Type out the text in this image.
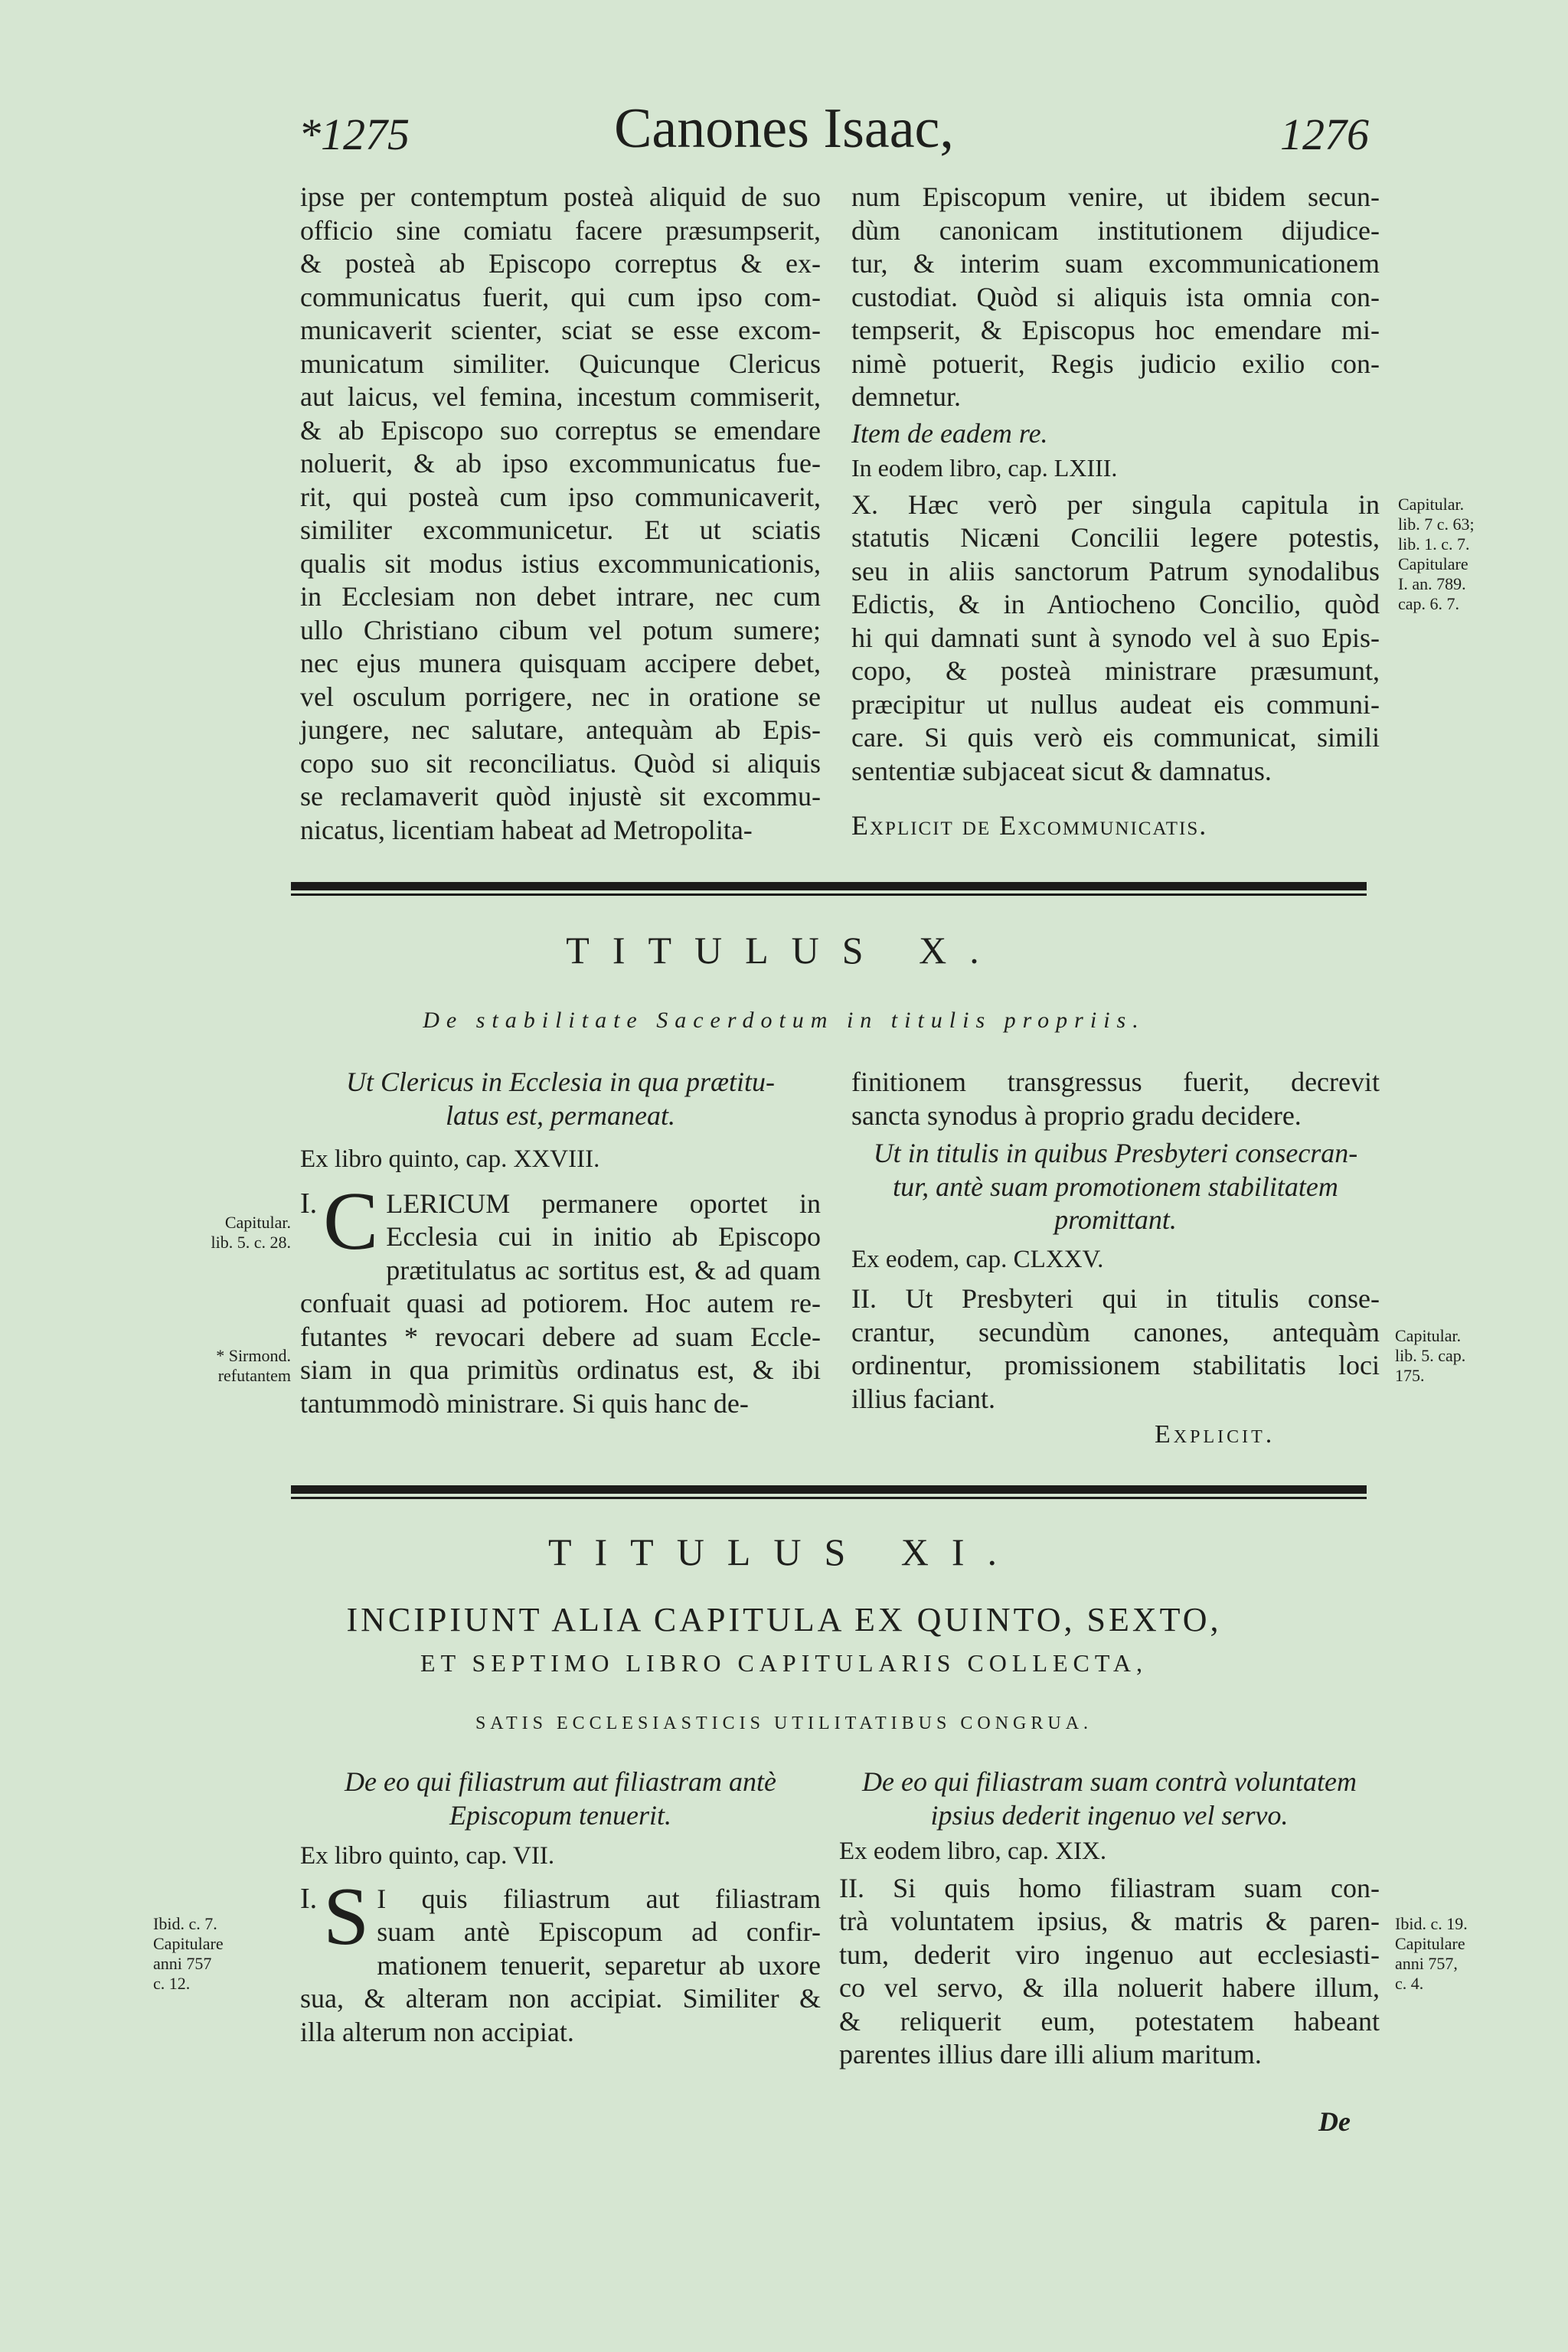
*1275	Canones Isaac,	1276
ipse per contemptum posteà aliquid de suo
officio sine comiatu facere præsumpserit,
& posteà ab Episcopo correptus & ex-
communicatus fuerit, qui cum ipso com-
municaverit scienter, sciat se esse excom-
municatum similiter. Quicunque Clericus
aut laicus, vel femina, incestum commiserit,
& ab Episcopo suo correptus se emendare
noluerit, & ab ipso excommunicatus fue-
rit, qui posteà cum ipso communicaverit,
similiter excommunicetur. Et ut sciatis
qualis sit modus istius excommunicationis,
in Ecclesiam non debet intrare, nec cum
ullo Christiano cibum vel potum sumere;
nec ejus munera quisquam accipere debet,
vel osculum porrigere, nec in oratione se
jungere, nec salutare, antequàm ab Epis-
copo suo sit reconciliatus. Quòd si aliquis
se reclamaverit quòd injustè sit excommu-
nicatus, licentiam habeat ad Metropolita-
num Episcopum venire, ut ibidem secun-
dùm canonicam institutionem dijudice-
tur, & interim suam excommunicationem
custodiat. Quòd si aliquis ista omnia con-
tempserit, & Episcopus hoc emendare mi-
nimè potuerit, Regis judicio exilio con-
demnetur.

Item de eadem re.

In eodem libro, cap. LXIII.

X. Hæc verò per singula capitula in
statutis Nicæni Concilii legere potestis,
seu in aliis sanctorum Patrum synodalibus
Edictis, & in Antiocheno Concilio, quòd
hi qui damnati sunt à synodo vel à suo Epis-
copo, & posteà ministrare præsumunt,
præcipitur ut nullus audeat eis communi-
care. Si quis verò eis communicat, simili
sententiæ subjaceat sicut & damnatus.

Explicit de Excommunicatis.

Capitular.
lib. 7 c. 63;
lib. 1. c. 7.
Capitulare
I. an. 789.
cap. 6. 7.
TITULUS X.
De stabilitate Sacerdotum in titulis propriis.
Ut Clericus in Ecclesia in qua prætitu-
latus est, permaneat.

Ex libro quinto, cap. XXVIII.

I. C LERICUM permanere oportet in
Ecclesia cui in initio ab Episcopo
prætitulatus ac sortitus est, & ad quam
confuait quasi ad potiorem. Hoc autem re-
futantes * revocari debere ad suam Eccle-
siam in qua primitùs ordinatus est, & ibi
tantummodò ministrare. Si quis hanc de-
Capitular.
lib. 5. c. 28.
* Sirmond.
refutantem
finitionem transgressus fuerit, decrevit
sancta synodus à proprio gradu decidere.
Ut in titulis in quibus Presbyteri consecran-
tur, antè suam promotionem stabilitatem
promittant.

Ex eodem, cap. CLXXV.

II. Ut Presbyteri qui in titulis conse-
crantur, secundùm canones, antequàm
ordinentur, promissionem stabilitatis loci
illius faciant.
Explicit.
Capitular.
lib. 5. cap.
175.
TITULUS XI.
INCIPIUNT ALIA CAPITULA EX QUINTO, SEXTO,
ET SEPTIMO LIBRO CAPITULARIS COLLECTA,
SATIS ECCLESIASTICIS UTILITATIBUS CONGRUA.
De eo qui filiastrum aut filiastram antè
Episcopum tenuerit.

Ex libro quinto, cap. VII.

I. S I quis filiastrum aut filiastram
suam antè Episcopum ad confir-
mationem tenuerit, separetur ab uxore
sua, & alteram non accipiat. Similiter &
illa alterum non accipiat.
Ibid. c. 7.
Capitulare
anni 757
c. 12.
De eo qui filiastram suam contrà voluntatem
ipsius dederit ingenuo vel servo.

Ex eodem libro, cap. XIX.

II. Si quis homo filiastram suam con-
trà voluntatem ipsius, & matris & paren-
tum, dederit viro ingenuo aut ecclesiasti-
co vel servo, & illa noluerit habere illum,
& reliquerit eum, potestatem habeant
parentes illius dare illi alium maritum.
Ibid. c. 19.
Capitulare
anni 757,
c. 4.
De
